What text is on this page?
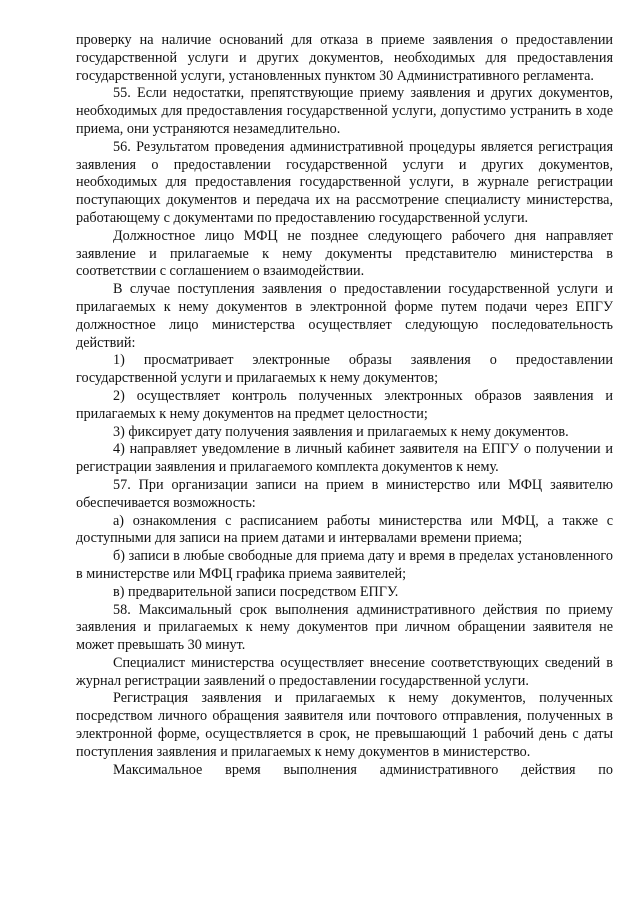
проверку на наличие оснований для отказа в приеме заявления о предоставлении государственной услуги и других документов, необходимых для предоставления государственной услуги, установленных пунктом 30 Административного регламента.

55. Если недостатки, препятствующие приему заявления и других документов, необходимых для предоставления государственной услуги, допустимо устранить в ходе приема, они устраняются незамедлительно.

56. Результатом проведения административной процедуры является регистрация заявления о предоставлении государственной услуги и других документов, необходимых для предоставления государственной услуги, в журнале регистрации поступающих документов и передача их на рассмотрение специалисту министерства, работающему с документами по предоставлению государственной услуги.

Должностное лицо МФЦ не позднее следующего рабочего дня направляет заявление и прилагаемые к нему документы представителю министерства в соответствии с соглашением о взаимодействии.

В случае поступления заявления о предоставлении государственной услуги и прилагаемых к нему документов в электронной форме путем подачи через ЕПГУ должностное лицо министерства осуществляет следующую последовательность действий:

1) просматривает электронные образы заявления о предоставлении государственной услуги и прилагаемых к нему документов;

2) осуществляет контроль полученных электронных образов заявления и прилагаемых к нему документов на предмет целостности;

3) фиксирует дату получения заявления и прилагаемых к нему документов.

4) направляет уведомление в личный кабинет заявителя на ЕПГУ о получении и регистрации заявления и прилагаемого комплекта документов к нему.

57. При организации записи на прием в министерство или МФЦ заявителю обеспечивается возможность:

а) ознакомления с расписанием работы министерства или МФЦ, а также с доступными для записи на прием датами и интервалами времени приема;

б) записи в любые свободные для приема дату и время в пределах установленного в министерстве или МФЦ графика приема заявителей;

в) предварительной записи посредством ЕПГУ.

58. Максимальный срок выполнения административного действия по приему заявления и прилагаемых к нему документов при личном обращении заявителя не может превышать 30 минут.

Специалист министерства осуществляет внесение соответствующих сведений в журнал регистрации заявлений о предоставлении государственной услуги.

Регистрация заявления и прилагаемых к нему документов, полученных посредством личного обращения заявителя или почтового отправления, полученных в электронной форме, осуществляется в срок, не превышающий 1 рабочий день с даты поступления заявления и прилагаемых к нему документов в министерство.

Максимальное время выполнения административного действия по
